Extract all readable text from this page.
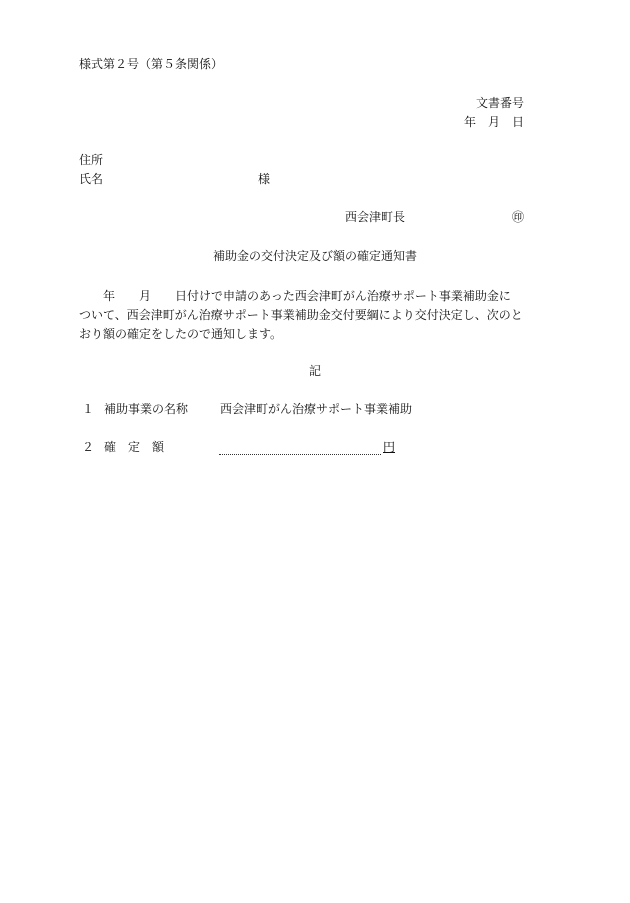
様式第２号（第５条関係）
文書番号
年　月　日
住所
氏名	様
西会津町長	㊞
補助金の交付決定及び額の確定通知書
　　年　　月　　日付けで申請のあった西会津町がん治療サポート事業補助金に
ついて、西会津町がん治療サポート事業補助金交付要綱により交付決定し、次のと
おり額の確定をしたので通知します。
記
１ 補助事業の名称	西会津町がん治療サポート事業補助
２ 確　定　額	円
